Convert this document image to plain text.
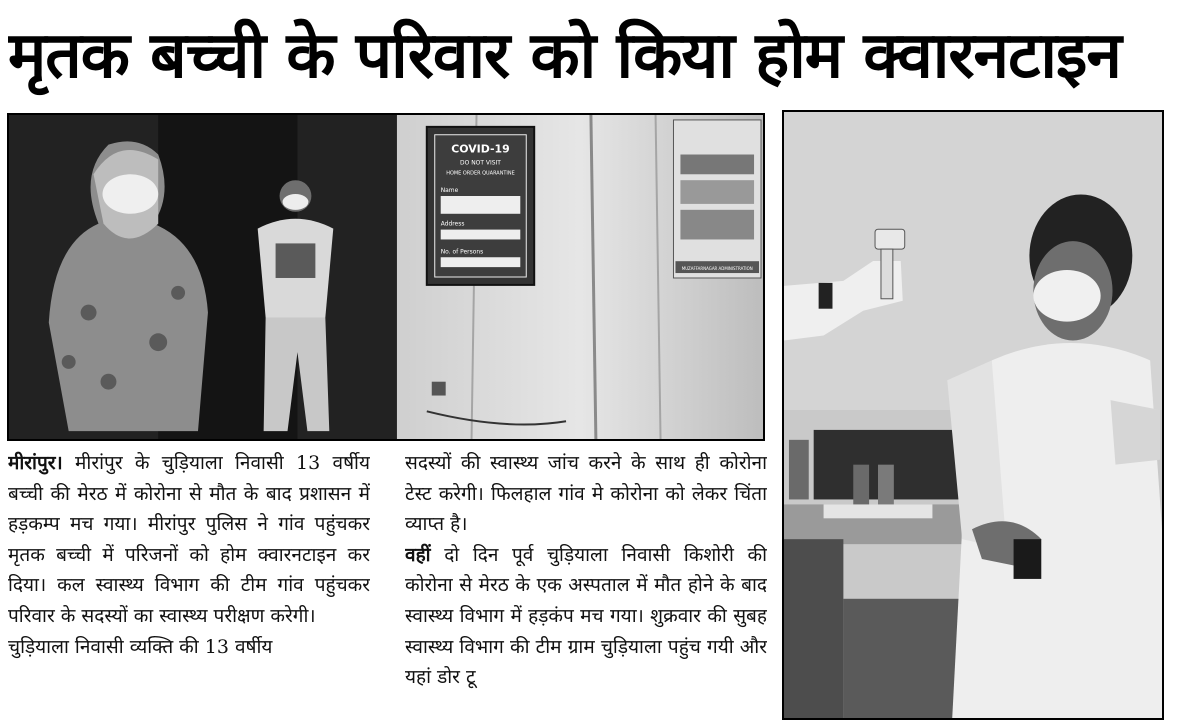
मृतक बच्ची के परिवार को किया होम क्वारनटाइन
COVID-19
DO NOT VISIT
HOME ORDER QUARANTINE
Name
Address
No. of Persons
MUZAFFARNAGAR ADMINISTRATION

मीरांपुर। मीरांपुर के चुड़ियाला निवासी 13 वर्षीय बच्ची की मेरठ में कोरोना से मौत के बाद प्रशासन में हड़कम्प मच गया। मीरांपुर पुलिस ने गांव पहुंचकर मृतक बच्ची में परिजनों को होम क्वारनटाइन कर दिया। कल स्वास्थ्य विभाग की टीम गांव पहुंचकर परिवार के सदस्यों का स्वास्थ्य परीक्षण करेगी।

चुड़ियाला निवासी व्यक्ति की 13 वर्षीय

सदस्यों की स्वास्थ्य जांच करने के साथ ही कोरोना टेस्ट करेगी। फिलहाल गांव मे कोरोना को लेकर चिंता व्याप्त है।

वहीं दो दिन पूर्व चुड़ियाला निवासी किशोरी की कोरोना से मेरठ के एक अस्पताल में मौत होने के बाद स्वास्थ्य विभाग में हड़कंप मच गया। शुक्रवार की सुबह स्वास्थ्य विभाग की टीम ग्राम चुड़ियाला पहुंच गयी और यहां डोर टू
